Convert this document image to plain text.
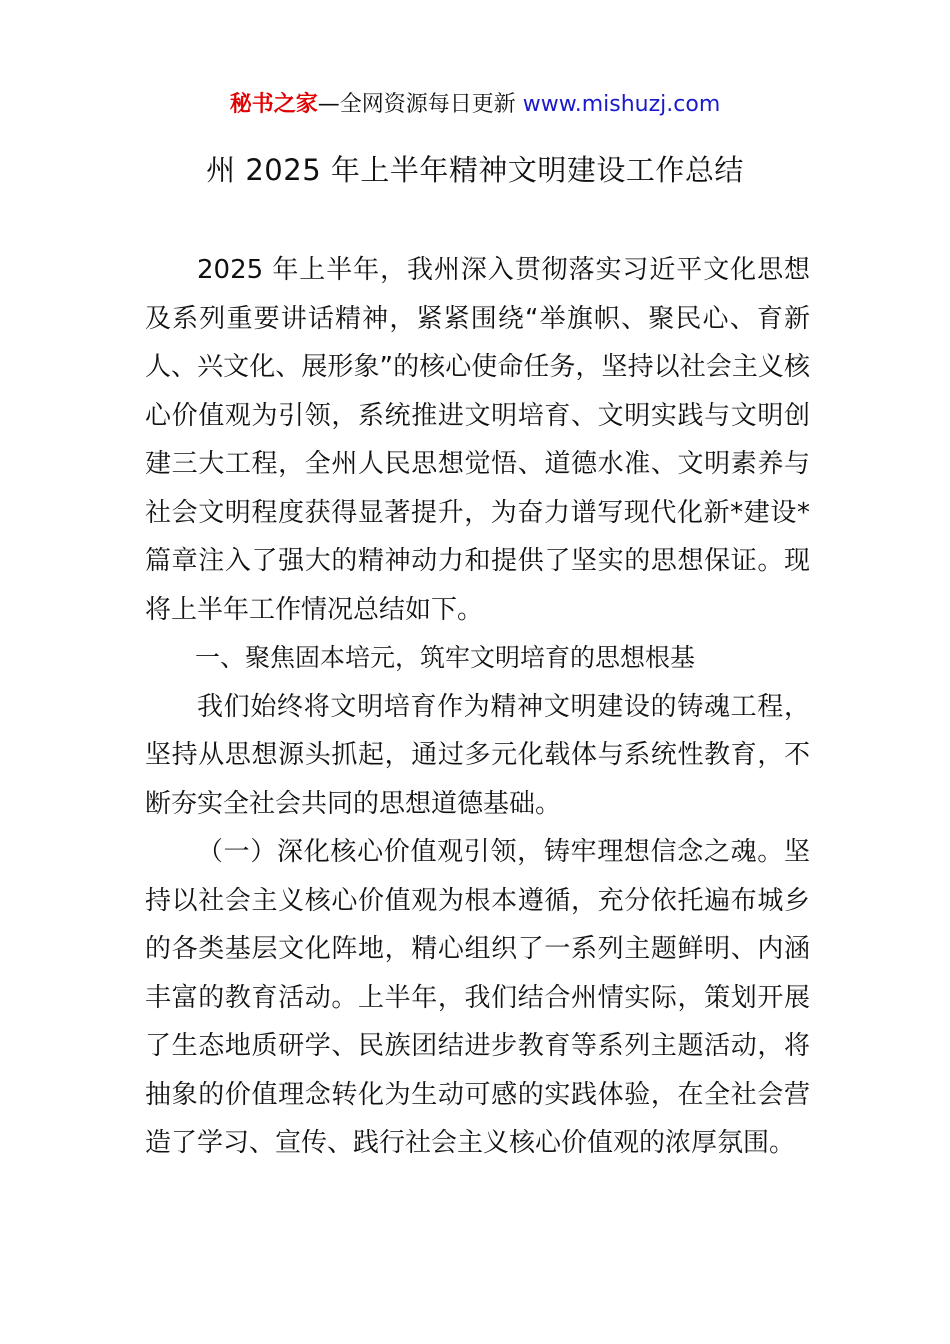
秘书之家—全网资源每日更新 www.mishuzj.com
州 2025 年上半年精神文明建设工作总结

2025 年上半年，我州深入贯彻落实习近平文化思想及系列重要讲话精神，紧紧围绕“举旗帜、聚民心、育新人、兴文化、展形象”的核心使命任务，坚持以社会主义核心价值观为引领，系统推进文明培育、文明实践与文明创建三大工程，全州人民思想觉悟、道德水准、文明素养与社会文明程度获得显著提升，为奋力谱写现代化新*建设*篇章注入了强大的精神动力和提供了坚实的思想保证。现将上半年工作情况总结如下。

一、聚焦固本培元，筑牢文明培育的思想根基

我们始终将文明培育作为精神文明建设的铸魂工程，坚持从思想源头抓起，通过多元化载体与系统性教育，不断夯实全社会共同的思想道德基础。

（一）深化核心价值观引领，铸牢理想信念之魂。坚持以社会主义核心价值观为根本遵循，充分依托遍布城乡的各类基层文化阵地，精心组织了一系列主题鲜明、内涵丰富的教育活动。上半年，我们结合州情实际，策划开展了生态地质研学、民族团结进步教育等系列主题活动，将抽象的价值理念转化为生动可感的实践体验，在全社会营造了学习、宣传、践行社会主义核心价值观的浓厚氛围。
